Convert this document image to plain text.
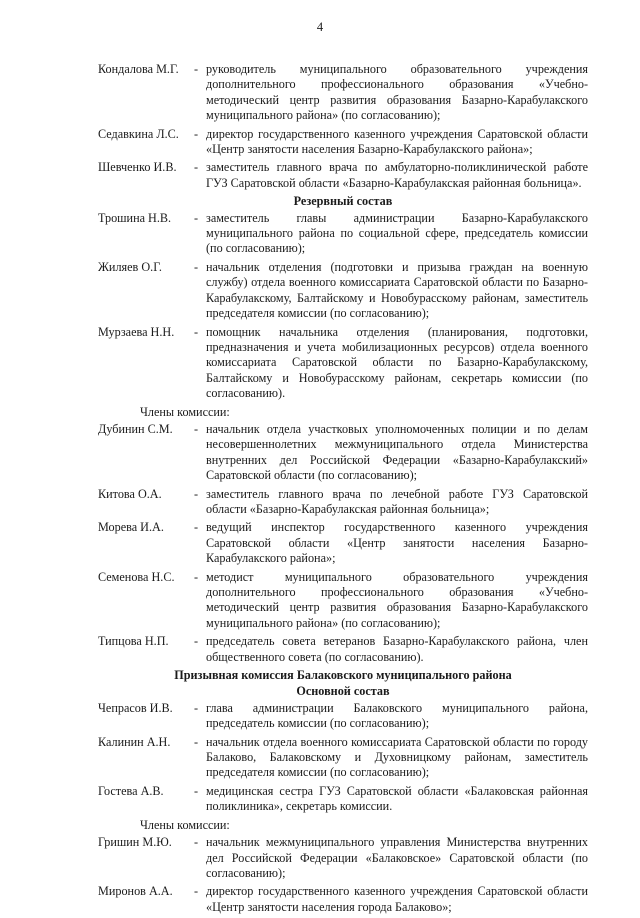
4
Кондалова М.Г.	- руководитель муниципального образовательного учреждения дополнительного профессионального образования «Учебно-методический центр развития образования Базарно-Карабулакского муниципального района» (по согласованию);
Седавкина Л.С.	- директор государственного казенного учреждения Саратовской области «Центр занятости населения Базарно-Карабулакского района»;
Шевченко И.В.	- заместитель главного врача по амбулаторно-поликлинической работе ГУЗ Саратовской области «Базарно-Карабулакская районная больница».
Резервный состав
Трошина Н.В.	- заместитель главы администрации Базарно-Карабулакского муниципального района по социальной сфере, председатель комиссии (по согласованию);
Жиляев О.Г.	- начальник отделения (подготовки и призыва граждан на военную службу) отдела военного комиссариата Саратовской области по Базарно-Карабулакскому, Балтайскому и Новобурасскому районам, заместитель председателя комиссии (по согласованию);
Мурзаева Н.Н.	- помощник начальника отделения (планирования, подготовки, предназначения и учета мобилизационных ресурсов) отдела военного комиссариата Саратовской области по Базарно-Карабулакскому, Балтайскому и Новобурасскому районам, секретарь комиссии (по согласованию).
Члены комиссии:
Дубинин С.М.	- начальник отдела участковых уполномоченных полиции и по делам несовершеннолетних межмуниципального отдела Министерства внутренних дел Российской Федерации «Базарно-Карабулакский» Саратовской области (по согласованию);
Китова О.А.	- заместитель главного врача по лечебной работе ГУЗ Саратовской области «Базарно-Карабулакская районная больница»;
Морева И.А.	- ведущий инспектор государственного казенного учреждения Саратовской области «Центр занятости населения Базарно-Карабулакского района»;
Семенова Н.С.	- методист муниципального образовательного учреждения дополнительного профессионального образования «Учебно-методический центр развития образования Базарно-Карабулакского муниципального района» (по согласованию);
Типцова Н.П.	- председатель совета ветеранов Базарно-Карабулакского района, член общественного совета (по согласованию).
Призывная комиссия Балаковского муниципального района
Основной состав
Чепрасов И.В.	- глава администрации Балаковского муниципального района, председатель комиссии (по согласованию);
Калинин А.Н.	- начальник отдела военного комиссариата Саратовской области по городу Балаково, Балаковскому и Духовницкому районам, заместитель председателя комиссии (по согласованию);
Гостева А.В.	- медицинская сестра ГУЗ Саратовской области «Балаковская районная поликлиника», секретарь комиссии.
Члены комиссии:
Гришин М.Ю.	- начальник межмуниципального управления Министерства внутренних дел Российской Федерации «Балаковское» Саратовской области (по согласованию);
Миронов А.А.	- директор государственного казенного учреждения Саратовской области «Центр занятости населения города Балаково»;
